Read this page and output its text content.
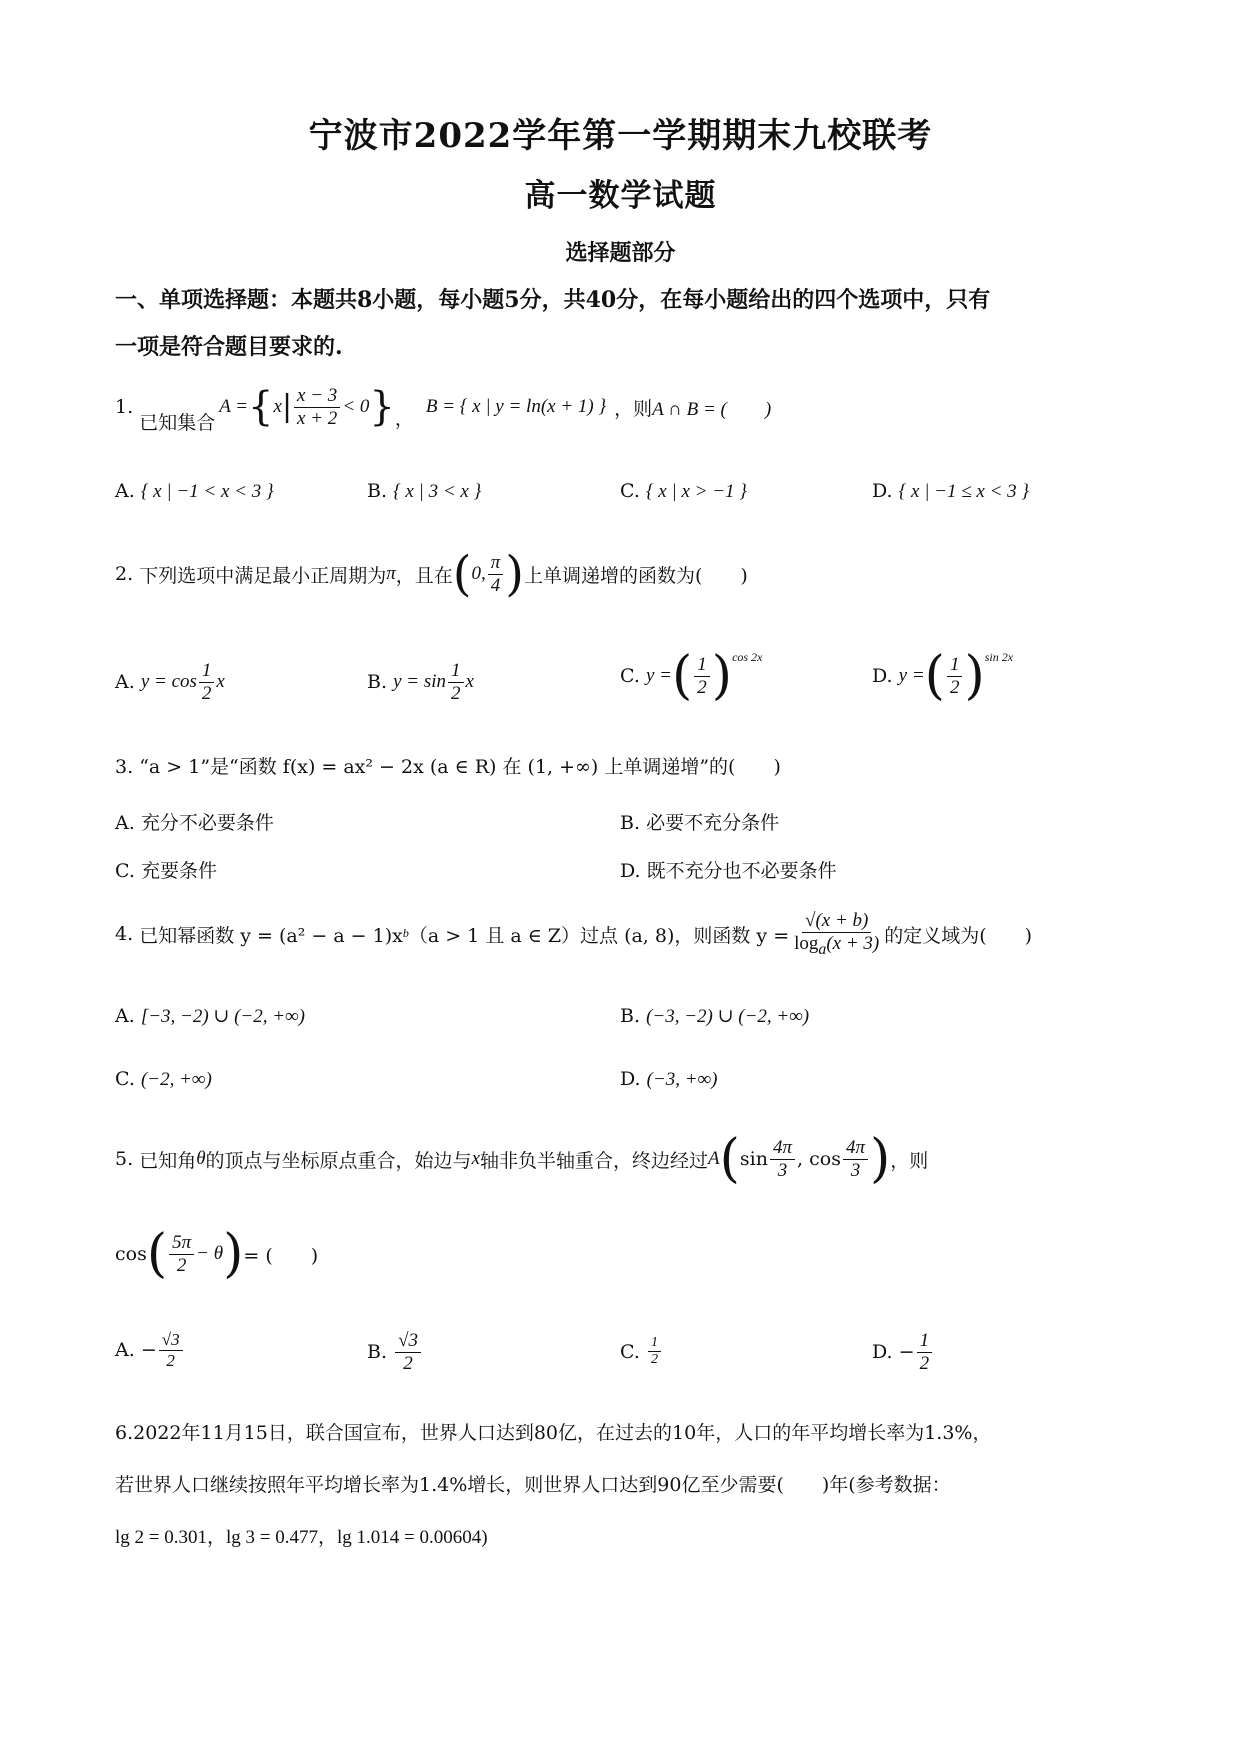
宁波市2022学年第一学期期末九校联考
高一数学试题
选择题部分
一、单项选择题：本题共8小题，每小题5分，共40分，在每小题给出的四个选项中，只有
一项是符合题目要求的.
1.

已知集合
A = { x | x − 3
x + 2
< 0 } ，
B = { x | y = ln(x + 1) } ，则 A ∩ B = (　　)
A. { x | −1 < x < 3 }	B. { x | 3 < x }	C. { x | x > −1 }	D. { x | −1 ≤ x < 3 }
2.
下列选项中满足最小正周期为 π ，且在 ( 0,
π
4 ) 上单调递增的函数为(　　)
A.
y = cos
1
2
x	B.
y = sin
1
2
x	C.
y = ( 1
2 ) cos 2x
D.
y = ( 1
2 ) sin 2x
3. “a > 1”是“函数 f(x) = ax² − 2x (a ∈ R) 在 (1, +∞) 上单调递增”的(　　)
A. 充分不必要条件	B. 必要不充分条件
C. 充要条件	D. 既不充分也不必要条件
4.
已知幂函数 y = (a² − a − 1)x b （a > 1 且 a ∈ Z）过点 (a, 8)，则函数 $y = \frac{√(x + b)}{\log_a(x + 3)}$ 的定义域为(　　)
A. [−3, −2) ∪ (−2, +∞)	B. (−3, −2) ∪ (−2, +∞)
C. (−2, +∞)	D. (−3, +∞)
5.
已知角 θ 的顶点与坐标原点重合，始边与 x 轴非负半轴重合，终边经过 A ( sin
4π
3 , cos
4π
3 ) ，则
cos ( 5π
2
− θ ) = (　　)
A.
− $\frac{√3}{2}$	B.

√3
2
C.
1
2	D.
− $\frac{1}{2}$
6.2022年11月15日，联合国宣布，世界人口达到80亿，在过去的10年，人口的年平均增长率为1.3%，
若世界人口继续按照年平均增长率为1.4%增长，则世界人口达到90亿至少需要(　　)年(参考数据：
lg 2 = 0.301，lg 3 = 0.477，lg 1.014 = 0.00604)
